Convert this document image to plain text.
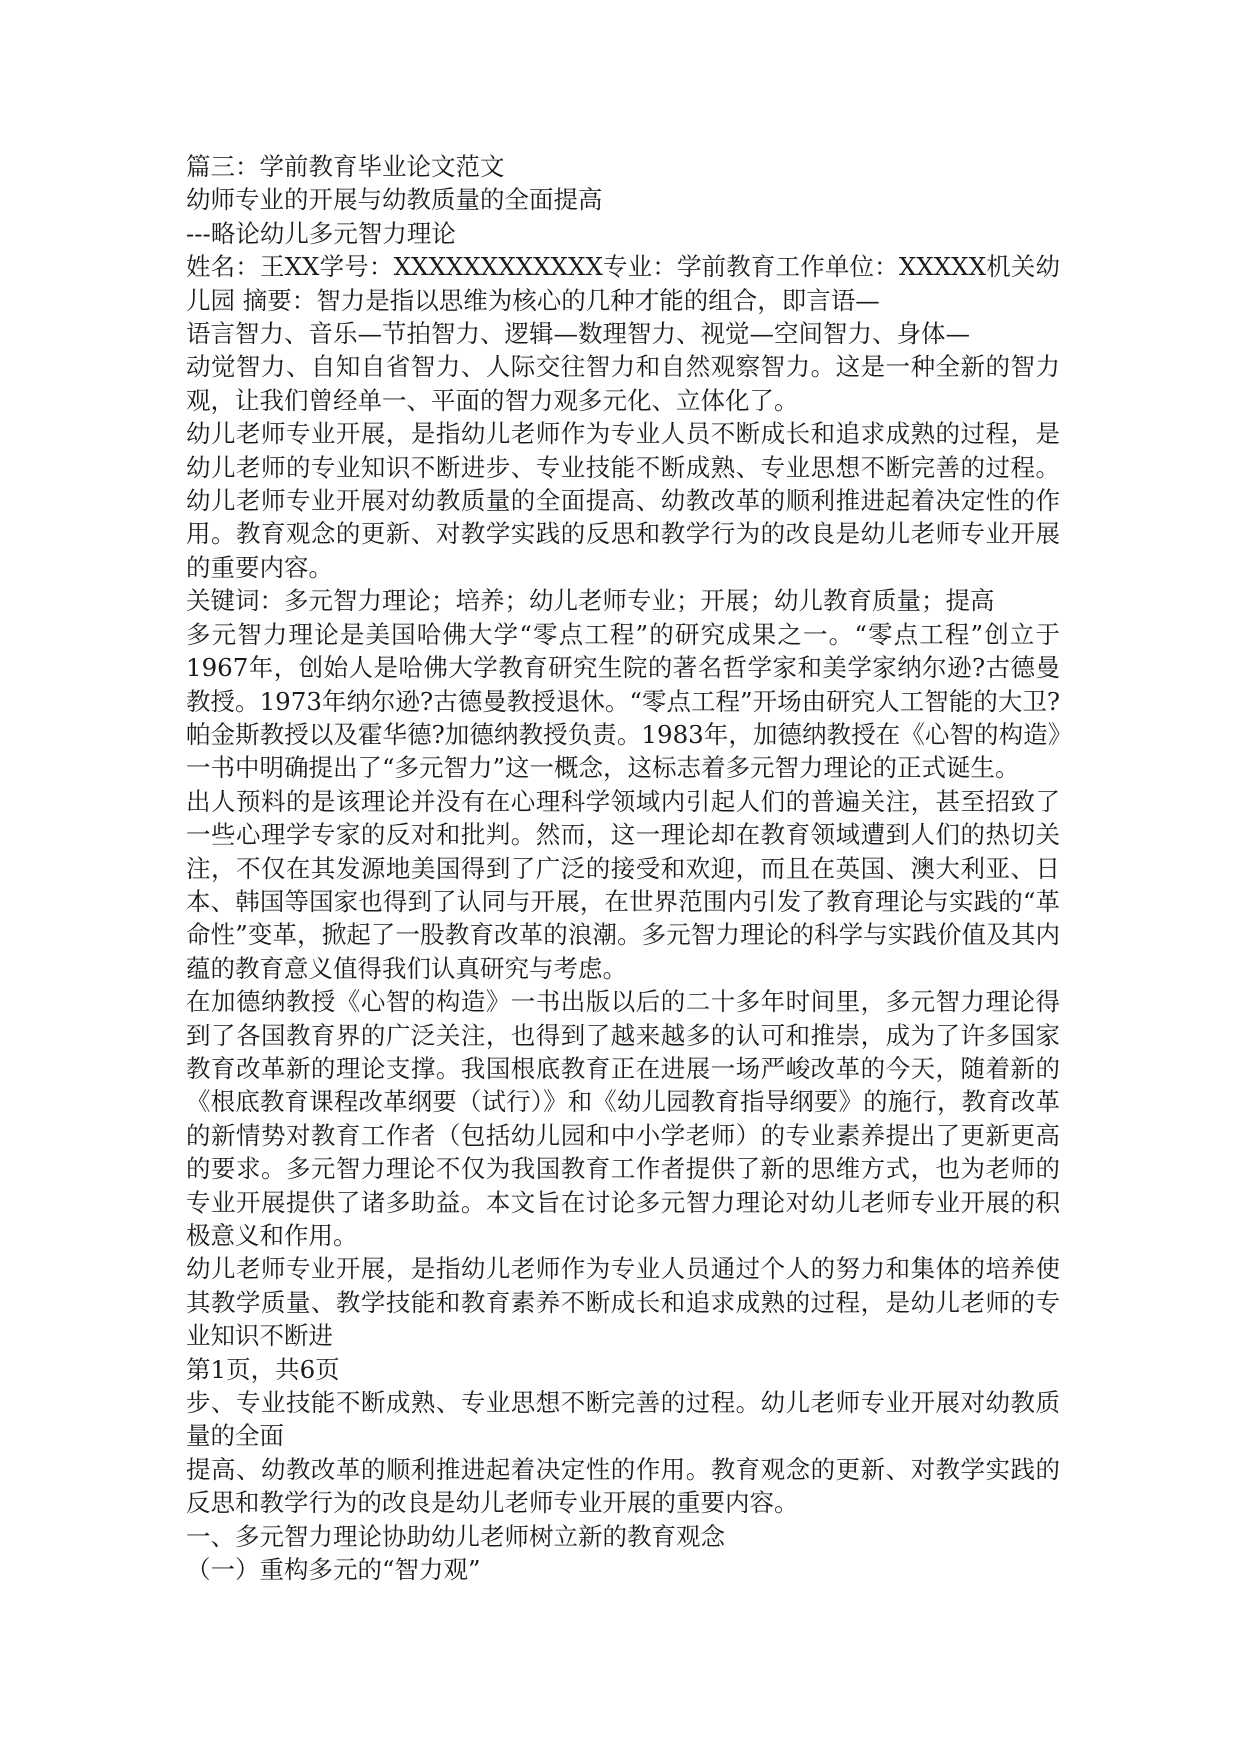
篇三：学前教育毕业论文范文

幼师专业的开展与幼教质量的全面提高

---略论幼儿多元智力理论

姓名：王XX学号：XXXXXXXXXXXX专业：学前教育工作单位：XXXXX机关幼儿园 摘要：智力是指以思维为核心的几种才能的组合，即言语—

语言智力、音乐—节拍智力、逻辑—数理智力、视觉—空间智力、身体—

动觉智力、自知自省智力、人际交往智力和自然观察智力。这是一种全新的智力观，让我们曾经单一、平面的智力观多元化、立体化了。

幼儿老师专业开展，是指幼儿老师作为专业人员不断成长和追求成熟的过程，是幼儿老师的专业知识不断进步、专业技能不断成熟、专业思想不断完善的过程。幼儿老师专业开展对幼教质量的全面提高、幼教改革的顺利推进起着决定性的作用。教育观念的更新、对教学实践的反思和教学行为的改良是幼儿老师专业开展的重要内容。

关键词：多元智力理论；培养；幼儿老师专业；开展；幼儿教育质量；提高

多元智力理论是美国哈佛大学“零点工程”的研究成果之一。“零点工程”创立于1967年，创始人是哈佛大学教育研究生院的著名哲学家和美学家纳尔逊?古德曼教授。1973年纳尔逊?古德曼教授退休。“零点工程”开场由研究人工智能的大卫?帕金斯教授以及霍华德?加德纳教授负责。1983年，加德纳教授在《心智的构造》一书中明确提出了“多元智力”这一概念，这标志着多元智力理论的正式诞生。

出人预料的是该理论并没有在心理科学领域内引起人们的普遍关注，甚至招致了一些心理学专家的反对和批判。然而，这一理论却在教育领域遭到人们的热切关注，不仅在其发源地美国得到了广泛的接受和欢迎，而且在英国、澳大利亚、日本、韩国等国家也得到了认同与开展，在世界范围内引发了教育理论与实践的“革命性”变革，掀起了一股教育改革的浪潮。多元智力理论的科学与实践价值及其内蕴的教育意义值得我们认真研究与考虑。

在加德纳教授《心智的构造》一书出版以后的二十多年时间里，多元智力理论得到了各国教育界的广泛关注，也得到了越来越多的认可和推崇，成为了许多国家教育改革新的理论支撑。我国根底教育正在进展一场严峻改革的今天，随着新的《根底教育课程改革纲要（试行）》和《幼儿园教育指导纲要》的施行，教育改革的新情势对教育工作者（包括幼儿园和中小学老师）的专业素养提出了更新更高的要求。多元智力理论不仅为我国教育工作者提供了新的思维方式，也为老师的专业开展提供了诸多助益。本文旨在讨论多元智力理论对幼儿老师专业开展的积极意义和作用。

幼儿老师专业开展，是指幼儿老师作为专业人员通过个人的努力和集体的培养使其教学质量、教学技能和教育素养不断成长和追求成熟的过程，是幼儿老师的专业知识不断进

第1页，共6页

步、专业技能不断成熟、专业思想不断完善的过程。幼儿老师专业开展对幼教质量的全面

提高、幼教改革的顺利推进起着决定性的作用。教育观念的更新、对教学实践的反思和教学行为的改良是幼儿老师专业开展的重要内容。

一、多元智力理论协助幼儿老师树立新的教育观念

（一）重构多元的“智力观”
